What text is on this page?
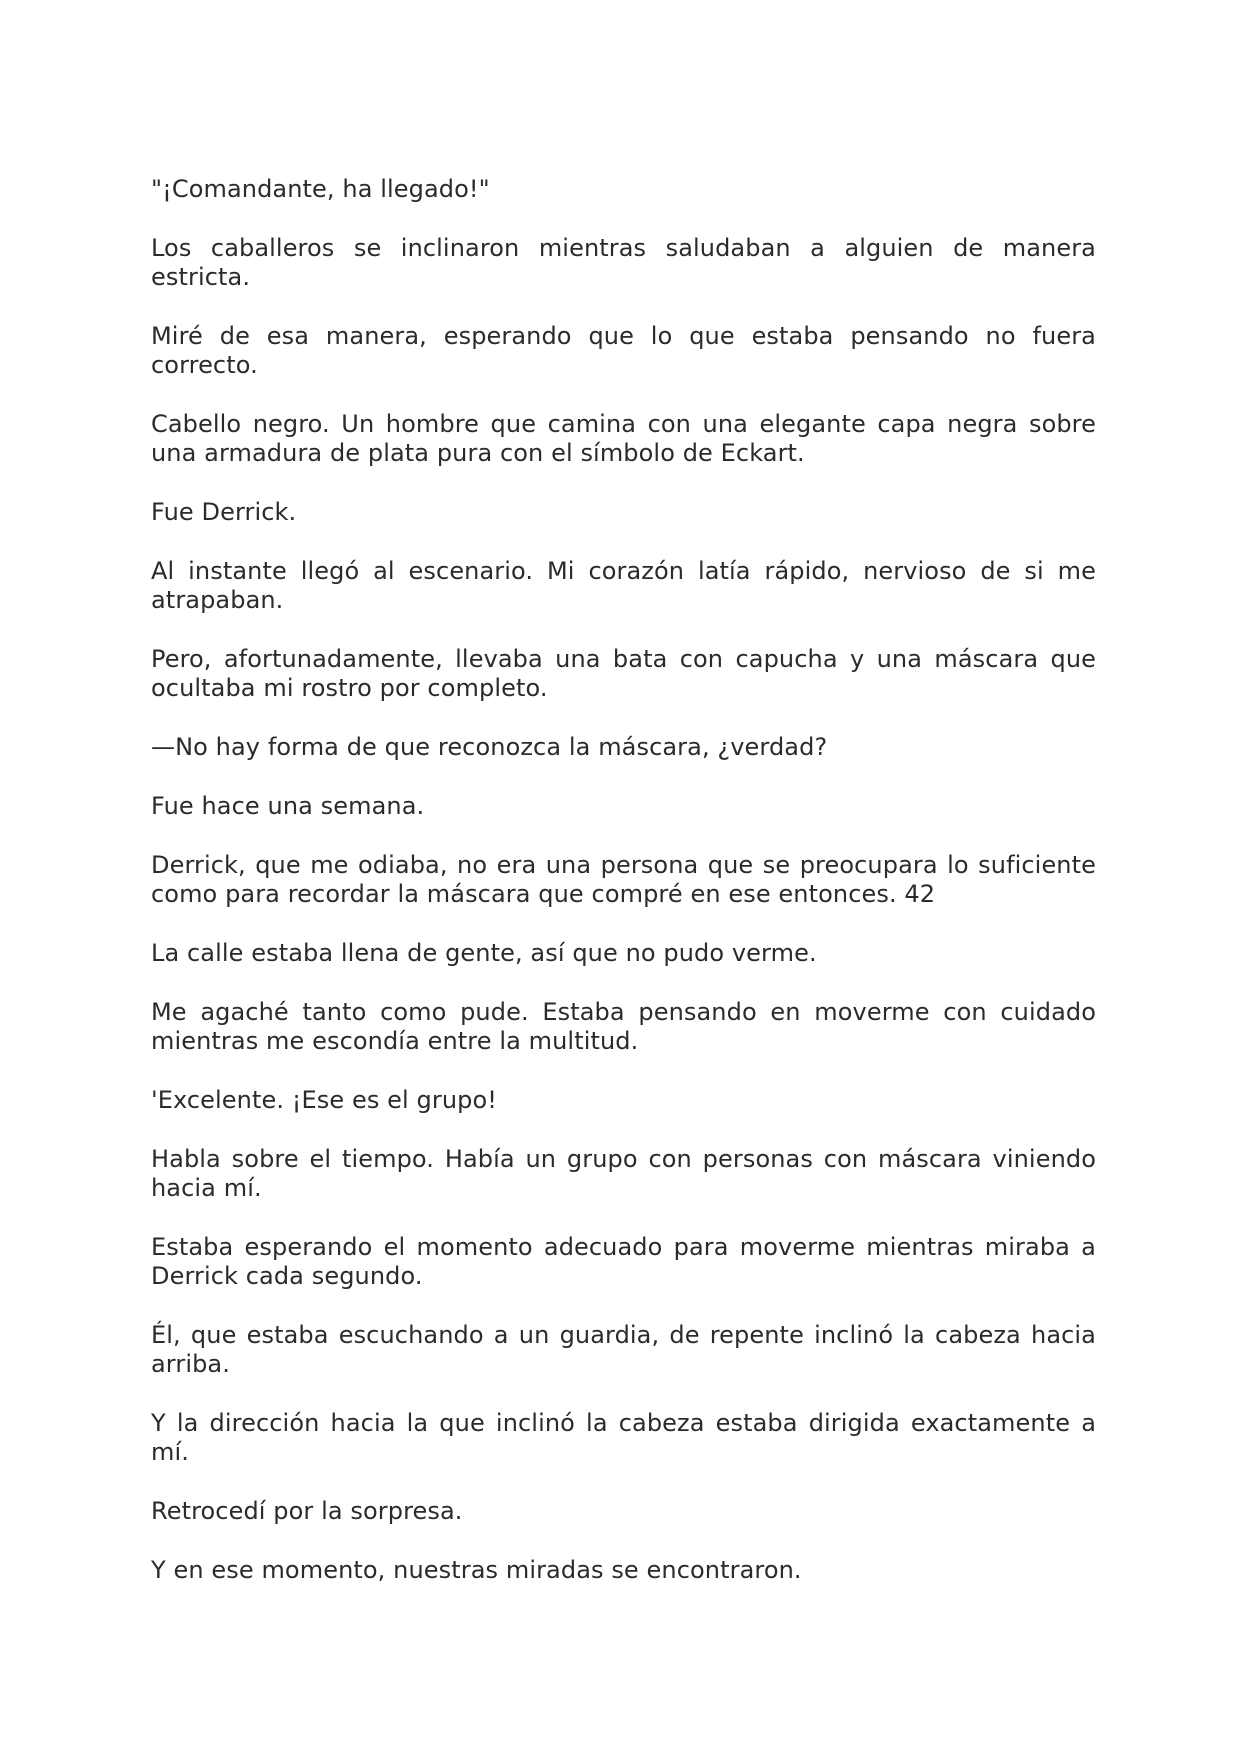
"¡Comandante, ha llegado!"

Los caballeros se inclinaron mientras saludaban a alguien de manera estricta.

Miré de esa manera, esperando que lo que estaba pensando no fuera correcto.

Cabello negro. Un hombre que camina con una elegante capa negra sobre una armadura de plata pura con el símbolo de Eckart.

Fue Derrick.

Al instante llegó al escenario. Mi corazón latía rápido, nervioso de si me atrapaban.

Pero, afortunadamente, llevaba una bata con capucha y una máscara que ocultaba mi rostro por completo.

—No hay forma de que reconozca la máscara, ¿verdad?

Fue hace una semana.

Derrick, que me odiaba, no era una persona que se preocupara lo suficiente como para recordar la máscara que compré en ese entonces. 42

La calle estaba llena de gente, así que no pudo verme.

Me agaché tanto como pude. Estaba pensando en moverme con cuidado mientras me escondía entre la multitud.

'Excelente. ¡Ese es el grupo!

Habla sobre el tiempo. Había un grupo con personas con máscara viniendo hacia mí.

Estaba esperando el momento adecuado para moverme mientras miraba a Derrick cada segundo.

Él, que estaba escuchando a un guardia, de repente inclinó la cabeza hacia arriba.

Y la dirección hacia la que inclinó la cabeza estaba dirigida exactamente a mí.

Retrocedí por la sorpresa.

Y en ese momento, nuestras miradas se encontraron.
